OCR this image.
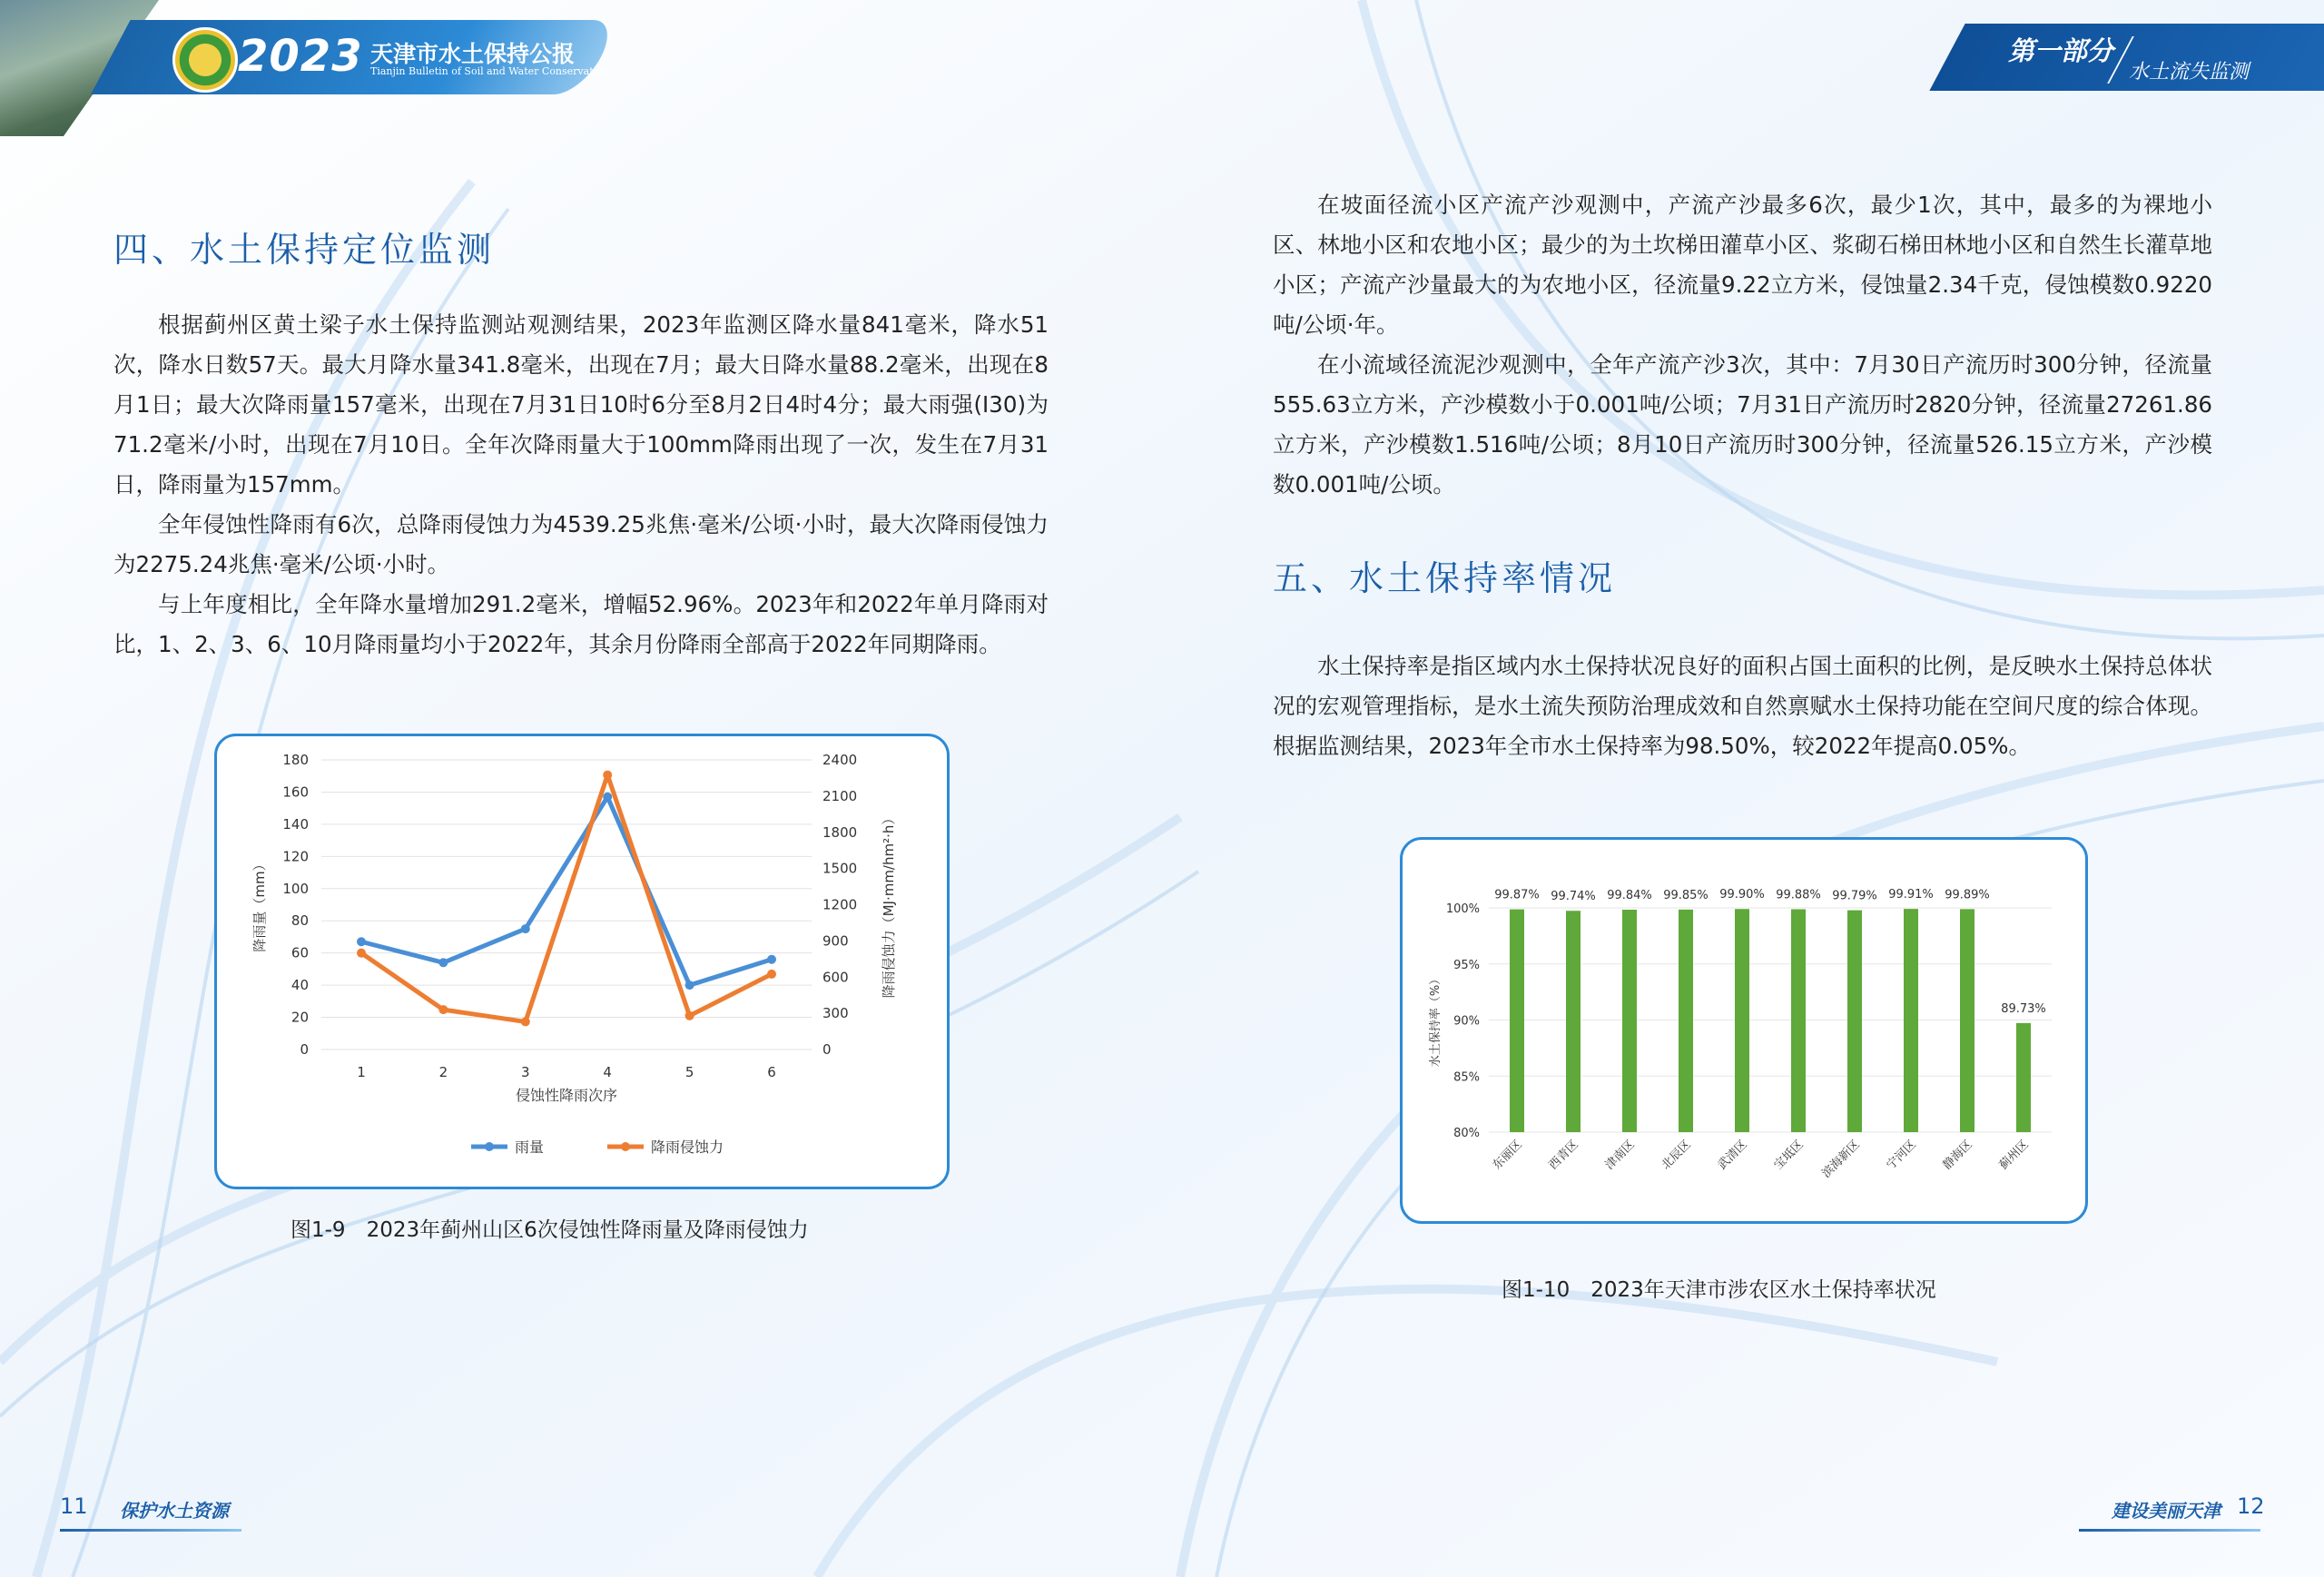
2023 天津市水土保持公报
Tianjin Bulletin of Soil and Water Conservation
第一部分
水土流失监测
四、水土保持定位监测

根据蓟州区黄土梁子水土保持监测站观测结果，2023年监测区降水量841毫米，降水51次，降水日数57天。最大月降水量341.8毫米，出现在7月；最大日降水量88.2毫米，出现在8月1日；最大次降雨量157毫米，出现在7月31日10时6分至8月2日4时4分；最大雨强(I30)为71.2毫米/小时，出现在7月10日。全年次降雨量大于100mm降雨出现了一次，发生在7月31日，降雨量为157mm。

全年侵蚀性降雨有6次，总降雨侵蚀力为4539.25兆焦·毫米/公顷·小时，最大次降雨侵蚀力为2275.24兆焦·毫米/公顷·小时。

与上年度相比，全年降水量增加291.2毫米，增幅52.96%。2023年和2022年单月降雨对比，1、2、3、6、10月降雨量均小于2022年，其余月份降雨全部高于2022年同期降雨。

0
20
40
60
80
100
120
140
160
180
0
300
600
900
1200
1500
1800
2100
2400
1	2	3	4	5	6
侵蚀性降雨次序
降雨量（mm）	降雨侵蚀力（MJ·mm/hm²·h）
雨量	降雨侵蚀力
图1-9　2023年蓟州山区6次侵蚀性降雨量及降雨侵蚀力

在坡面径流小区产流产沙观测中，产流产沙最多6次，最少1次，其中，最多的为裸地小区、林地小区和农地小区；最少的为土坎梯田灌草小区、浆砌石梯田林地小区和自然生长灌草地小区；产流产沙量最大的为农地小区，径流量9.22立方米，侵蚀量2.34千克，侵蚀模数0.9220吨/公顷·年。

在小流域径流泥沙观测中，全年产流产沙3次，其中：7月30日产流历时300分钟，径流量555.63立方米，产沙模数小于0.001吨/公顷；7月31日产流历时2820分钟，径流量27261.86立方米，产沙模数1.516吨/公顷；8月10日产流历时300分钟，径流量526.15立方米，产沙模数0.001吨/公顷。

五、水土保持率情况

水土保持率是指区域内水土保持状况良好的面积占国土面积的比例，是反映水土保持总体状况的宏观管理指标，是水土流失预防治理成效和自然禀赋水土保持功能在空间尺度的综合体现。根据监测结果，2023年全市水土保持率为98.50%，较2022年提高0.05%。

80%
85%
90%
95%
100%
水土保持率（%）
99.87%
东丽区
99.74%
西青区
99.84%
津南区
99.85%
北辰区
99.90%
武清区
99.88%
宝坻区
99.79%
滨海新区
99.91%
宁河区
99.89%
静海区
89.73%
蓟州区
图1-10　2023年天津市涉农区水土保持率状况
11 保护水土资源	建设美丽天津 12
